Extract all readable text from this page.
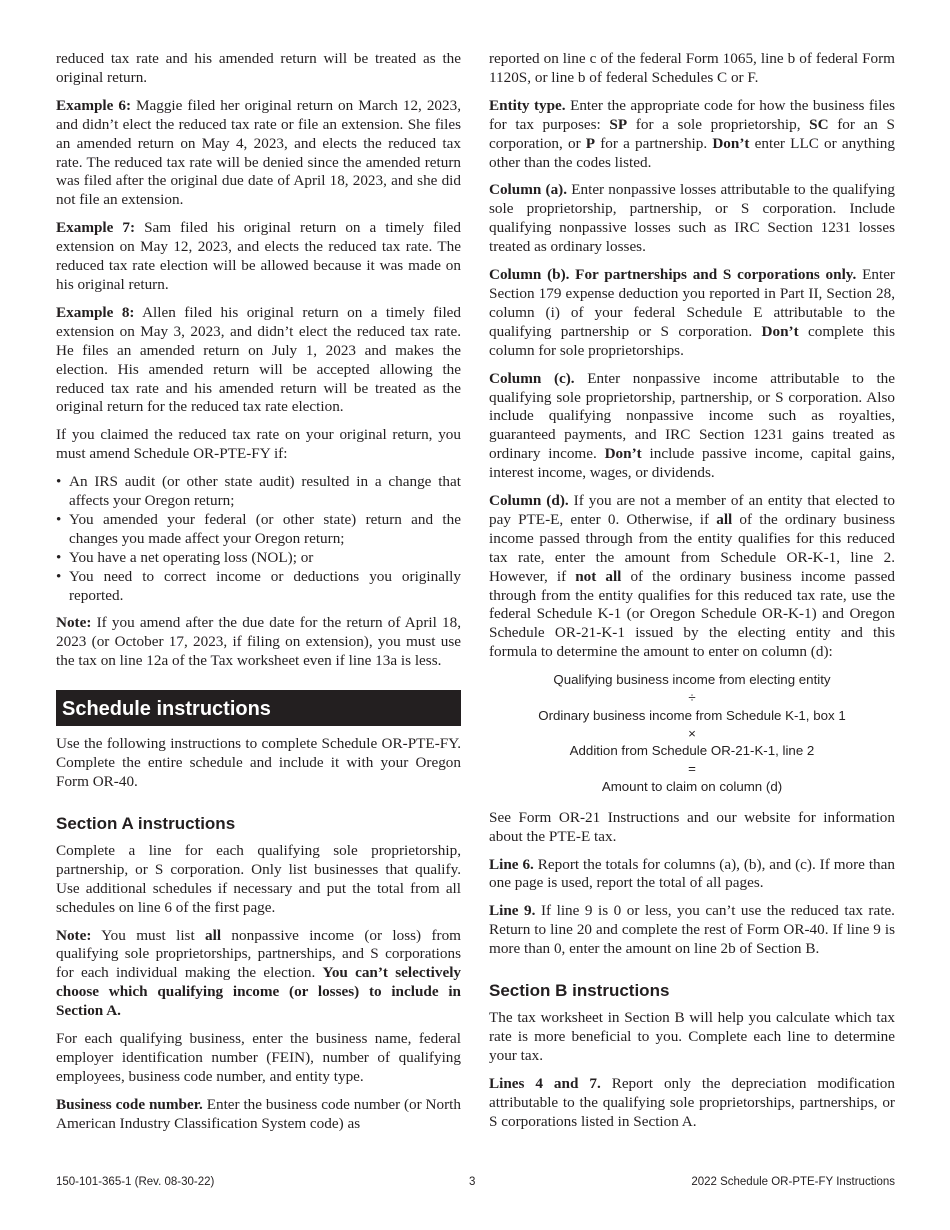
reduced tax rate and his amended return will be treated as the original return.

Example 6: Maggie filed her original return on March 12, 2023, and didn’t elect the reduced tax rate or file an extension. She files an amended return on May 4, 2023, and elects the reduced tax rate. The reduced tax rate will be denied since the amended return was filed after the original due date of April 18, 2023, and she did not file an extension.

Example 7: Sam filed his original return on a timely filed extension on May 12, 2023, and elects the reduced tax rate. The reduced tax rate election will be allowed because it was made on his original return.

Example 8: Allen filed his original return on a timely filed extension on May 3, 2023, and didn’t elect the reduced tax rate. He files an amended return on July 1, 2023 and makes the election. His amended return will be accepted allowing the reduced tax rate and his amended return will be treated as the original return for the reduced tax rate election.

If you claimed the reduced tax rate on your original return, you must amend Schedule OR-PTE-FY if:

• An IRS audit (or other state audit) resulted in a change that affects your Oregon return;
• You amended your federal (or other state) return and the changes you made affect your Oregon return;
• You have a net operating loss (NOL); or
• You need to correct income or deductions you originally reported.

Note: If you amend after the due date for the return of April 18, 2023 (or October 17, 2023, if filing on extension), you must use the tax on line 12a of the Tax worksheet even if line 13a is less.

Schedule instructions

Use the following instructions to complete Schedule OR-PTE-FY. Complete the entire schedule and include it with your Oregon Form OR-40.

Section A instructions

Complete a line for each qualifying sole proprietorship, partnership, or S corporation. Only list businesses that qualify. Use additional schedules if necessary and put the total from all schedules on line 6 of the first page.

Note: You must list all nonpassive income (or loss) from qualifying sole proprietorships, partnerships, and S corporations for each individual making the election. You can’t selectively choose which qualifying income (or losses) to include in Section A.

For each qualifying business, enter the business name, federal employer identification number (FEIN), number of qualifying employees, business code number, and entity type.

Business code number. Enter the business code number (or North American Industry Classification System code) as

reported on line c of the federal Form 1065, line b of federal Form 1120S, or line b of federal Schedules C or F.

Entity type. Enter the appropriate code for how the business files for tax purposes: SP for a sole proprietorship, SC for an S corporation, or P for a partnership. Don’t enter LLC or anything other than the codes listed.

Column (a). Enter nonpassive losses attributable to the qualifying sole proprietorship, partnership, or S corporation. Include qualifying nonpassive losses such as IRC Section 1231 losses treated as ordinary losses.

Column (b). For partnerships and S corporations only. Enter Section 179 expense deduction you reported in Part II, Section 28, column (i) of your federal Schedule E attributable to the qualifying partnership or S corporation. Don’t complete this column for sole proprietorships.

Column (c). Enter nonpassive income attributable to the qualifying sole proprietorship, partnership, or S corporation. Also include qualifying nonpassive income such as royalties, guaranteed payments, and IRC Section 1231 gains treated as ordinary income. Don’t include passive income, capital gains, interest income, wages, or dividends.

Column (d). If you are not a member of an entity that elected to pay PTE-E, enter 0. Otherwise, if all of the ordinary business income passed through from the entity qualifies for this reduced tax rate, enter the amount from Schedule OR-K-1, line 2. However, if not all of the ordinary business income passed through from the entity qualifies for this reduced tax rate, use the federal Schedule K-1 (or Oregon Schedule OR-K-1) and Oregon Schedule OR-21-K-1 issued by the electing entity and this formula to determine the amount to enter on column (d):

Qualifying business income from electing entity
÷
Ordinary business income from Schedule K-1, box 1
×
Addition from Schedule OR-21-K-1, line 2
=
Amount to claim on column (d)

See Form OR-21 Instructions and our website for information about the PTE-E tax.

Line 6. Report the totals for columns (a), (b), and (c). If more than one page is used, report the total of all pages.

Line 9. If line 9 is 0 or less, you can’t use the reduced tax rate. Return to line 20 and complete the rest of Form OR-40. If line 9 is more than 0, enter the amount on line 2b of Section B.

Section B instructions

The tax worksheet in Section B will help you calculate which tax rate is more beneficial to you. Complete each line to determine your tax.

Lines 4 and 7. Report only the depreciation modification attributable to the qualifying sole proprietorships, partnerships, or S corporations listed in Section A.

150-101-365-1 (Rev. 08-30-22)	3	2022 Schedule OR-PTE-FY Instructions
